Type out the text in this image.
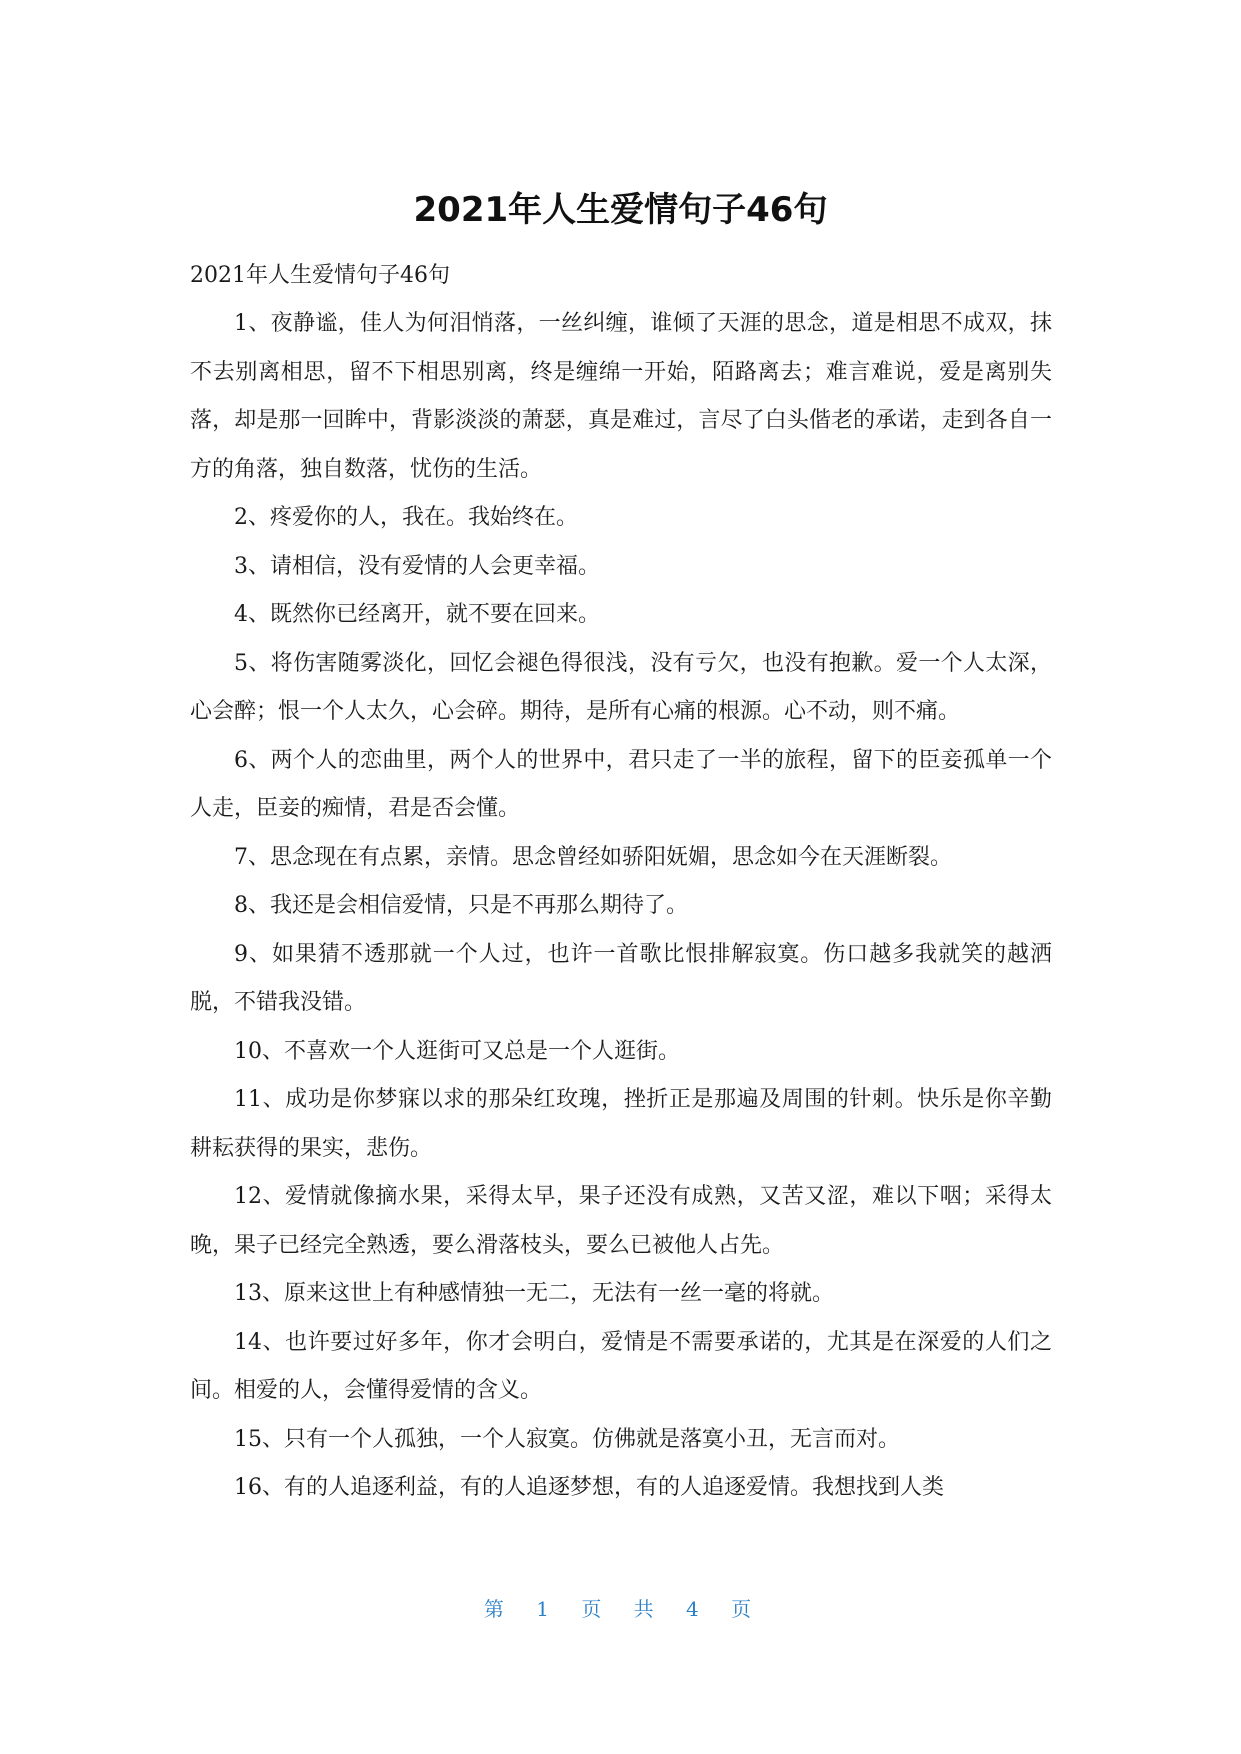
2021年人生爱情句子46句

2021年人生爱情句子46句

1、夜静谧，佳人为何泪悄落，一丝纠缠，谁倾了天涯的思念，道是相思不成双，抹不去别离相思，留不下相思别离，终是缠绵一开始，陌路离去；难言难说，爱是离别失落，却是那一回眸中，背影淡淡的萧瑟，真是难过，言尽了白头偕老的承诺，走到各自一方的角落，独自数落，忧伤的生活。

2、疼爱你的人，我在。我始终在。

3、请相信，没有爱情的人会更幸福。

4、既然你已经离开，就不要在回来。

5、将伤害随雾淡化，回忆会褪色得很浅，没有亏欠，也没有抱歉。爱一个人太深，心会醉；恨一个人太久，心会碎。期待，是所有心痛的根源。心不动，则不痛。

6、两个人的恋曲里，两个人的世界中，君只走了一半的旅程，留下的臣妾孤单一个人走，臣妾的痴情，君是否会懂。

7、思念现在有点累，亲情。思念曾经如骄阳妩媚，思念如今在天涯断裂。

8、我还是会相信爱情，只是不再那么期待了。

9、如果猜不透那就一个人过，也许一首歌比恨排解寂寞。伤口越多我就笑的越洒脱，不错我没错。

10、不喜欢一个人逛街可又总是一个人逛街。

11、成功是你梦寐以求的那朵红玫瑰，挫折正是那遍及周围的针刺。快乐是你辛勤耕耘获得的果实，悲伤。

12、爱情就像摘水果，采得太早，果子还没有成熟，又苦又涩，难以下咽；采得太晚，果子已经完全熟透，要么滑落枝头，要么已被他人占先。

13、原来这世上有种感情独一无二，无法有一丝一毫的将就。

14、也许要过好多年，你才会明白，爱情是不需要承诺的，尤其是在深爱的人们之间。相爱的人，会懂得爱情的含义。

15、只有一个人孤独，一个人寂寞。仿佛就是落寞小丑，无言而对。

16、有的人追逐利益，有的人追逐梦想，有的人追逐爱情。我想找到人类

第 1 页 共 4 页
